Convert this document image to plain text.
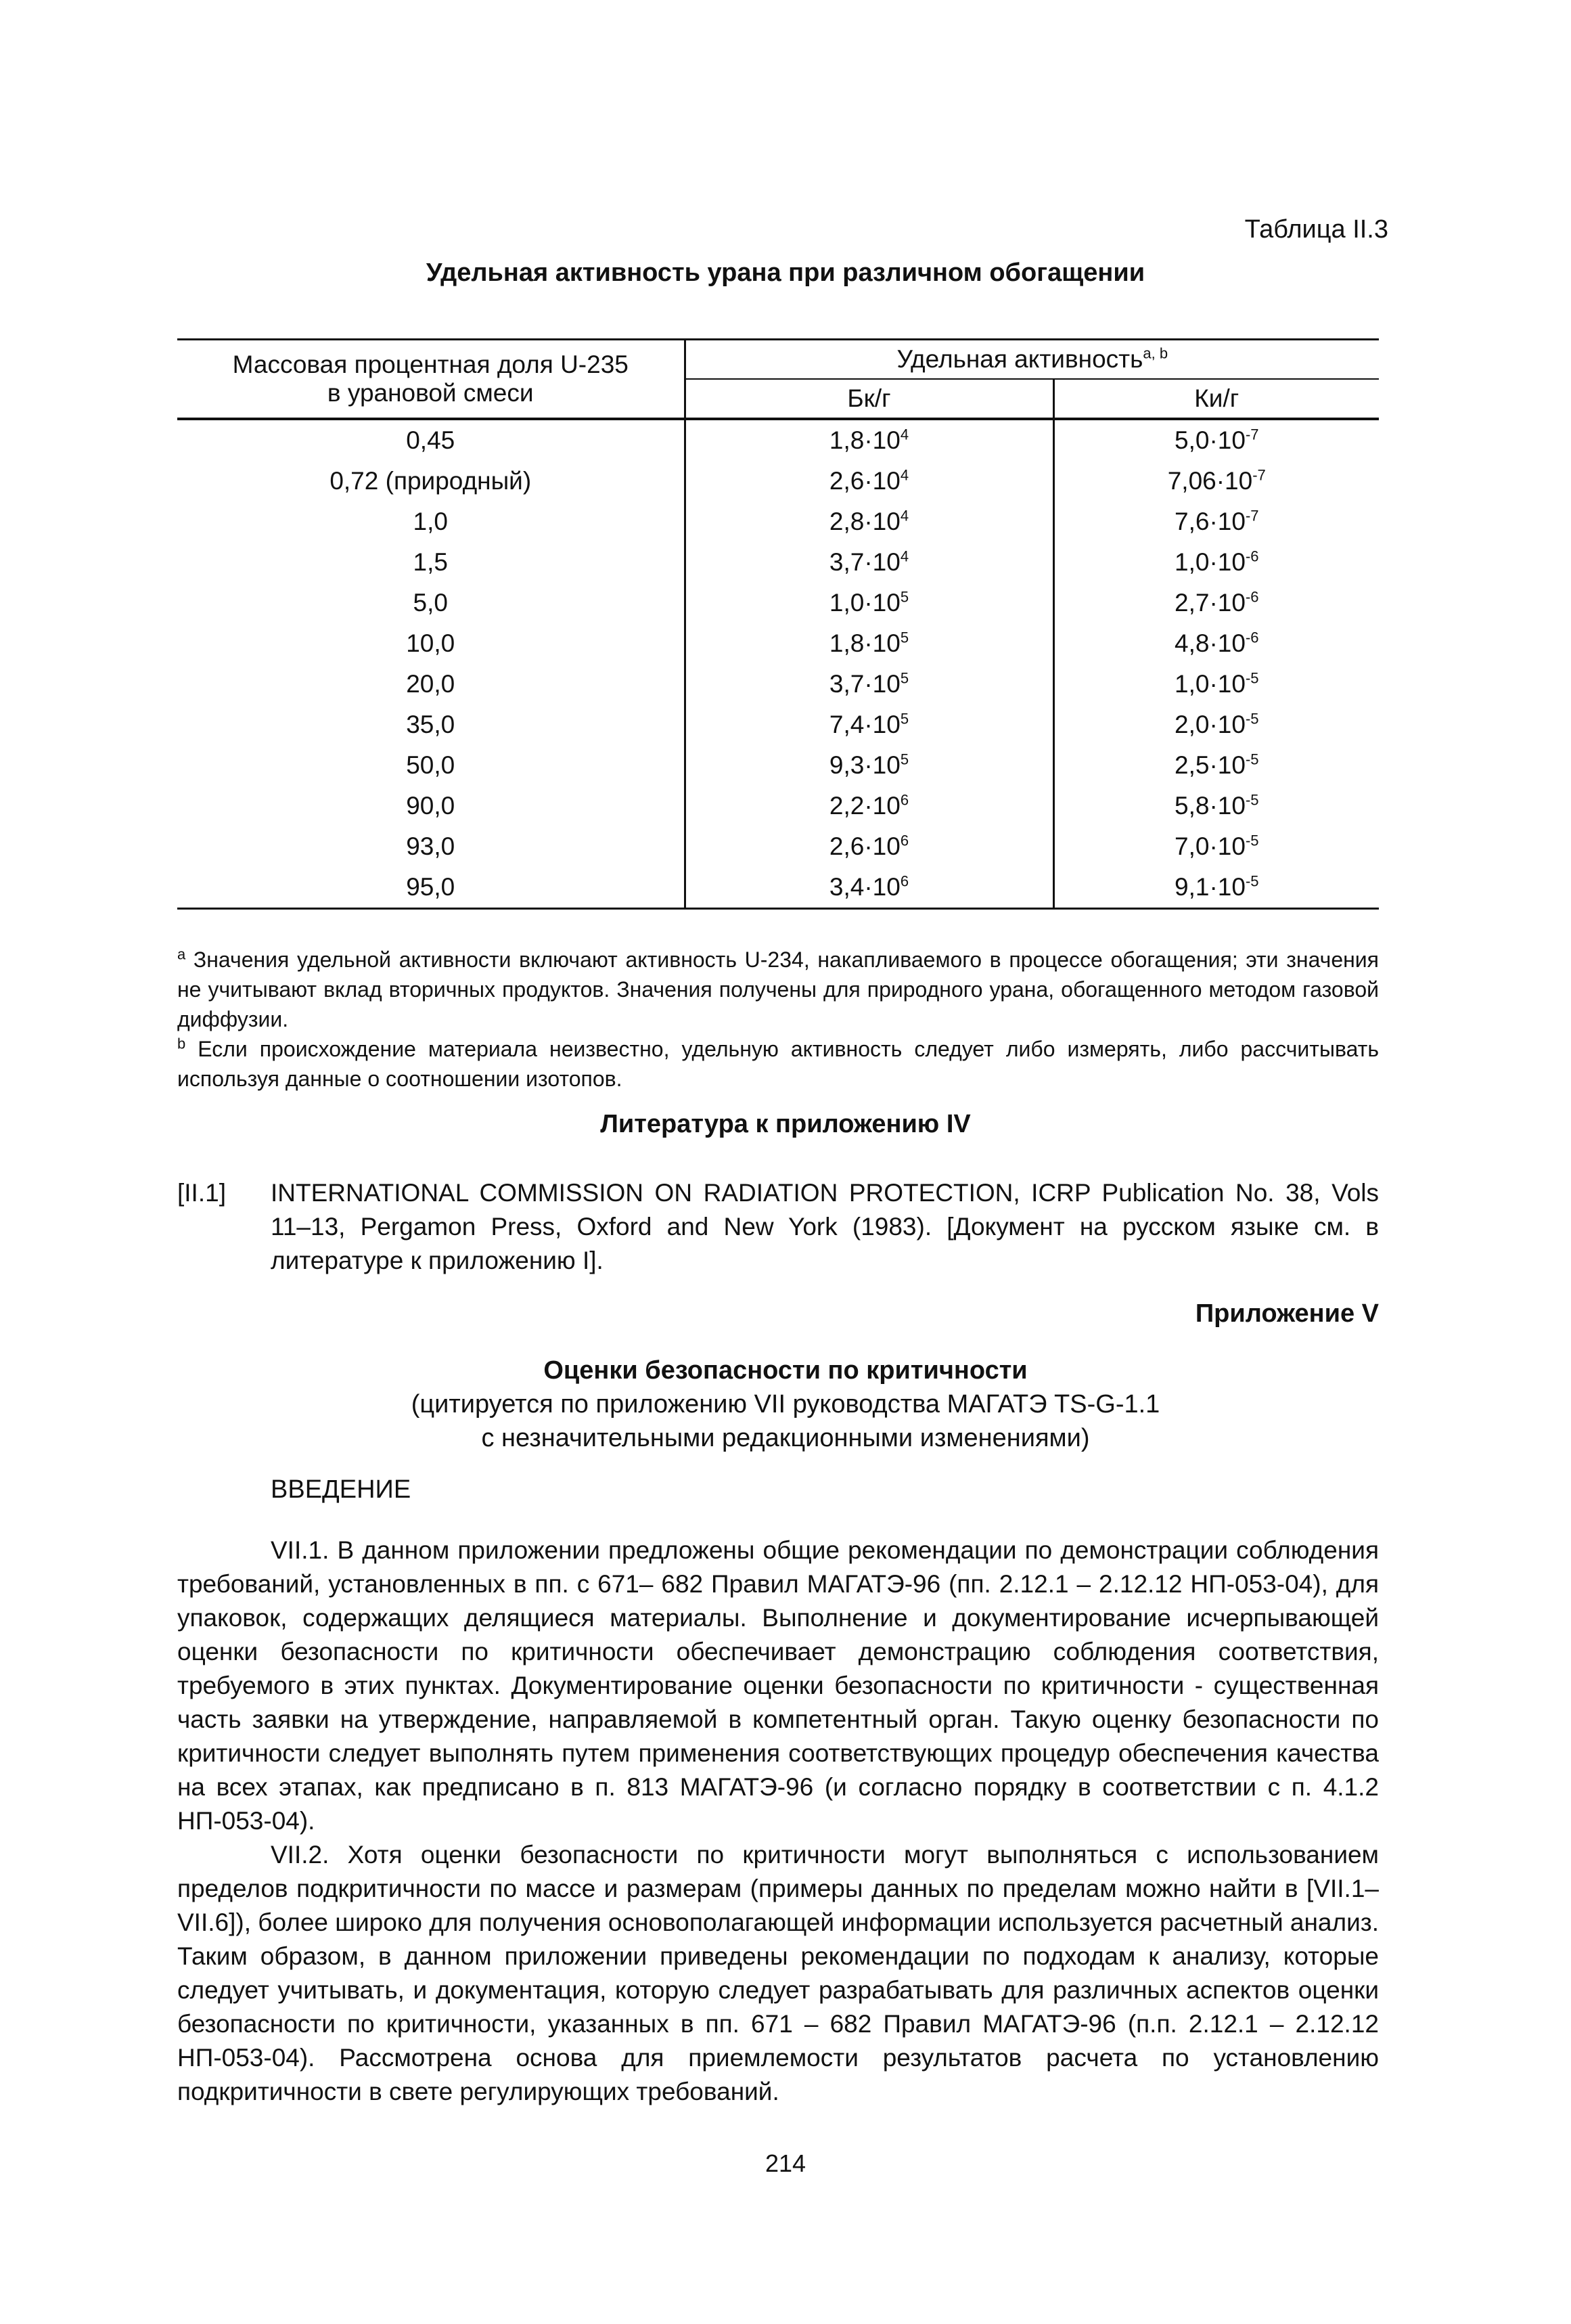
Таблица II.3
Удельная активность урана при различном обогащении
Массовая процентная доля U-235
в урановой смеси	Удельная активность$^{a, b}$
	Бк/г	Ки/г
0,45	$1,8\cdot 10^4$	$5,0\cdot 10^{-7}$
0,72 (природный)	$2,6\cdot 10^4$	$7,06\cdot 10^{-7}$
1,0	$2,8\cdot 10^4$	$7,6\cdot 10^{-7}$
1,5	$3,7\cdot 10^4$	$1,0\cdot 10^{-6}$
5,0	$1,0\cdot 10^5$	$2,7\cdot 10^{-6}$
10,0	$1,8\cdot 10^5$	$4,8\cdot 10^{-6}$
20,0	$3,7\cdot 10^5$	$1,0\cdot 10^{-5}$
35,0	$7,4\cdot 10^5$	$2,0\cdot 10^{-5}$
50,0	$9,3\cdot 10^5$	$2,5\cdot 10^{-5}$
90,0	$2,2\cdot 10^6$	$5,8\cdot 10^{-5}$
93,0	$2,6\cdot 10^6$	$7,0\cdot 10^{-5}$
95,0	$3,4\cdot 10^6$	$9,1\cdot 10^{-5}$

$^a$ Значения удельной активности включают активность U-234, накапливаемого в процессе обогащения; эти значения не учитывают вклад вторичных продуктов. Значения получены для природного урана, обогащенного методом газовой диффузии.

$^b$ Если происхождение материала неизвестно, удельную активность следует либо измерять, либо рассчитывать используя данные о соотношении изотопов.

Литература к приложению IV
[II.1] INTERNATIONAL COMMISSION ON RADIATION PROTECTION, ICRP Publication No. 38, Vols 11–13, Pergamon Press, Oxford and New York (1983). [Документ на русском языке см. в литературе к приложению I].
Приложение V
Оценки безопасности по критичности
(цитируется по приложению VII руководства МАГАТЭ TS-G-1.1
с незначительными редакционными изменениями)
ВВЕДЕНИЕ

VII.1. В данном приложении предложены общие рекомендации по демонстрации соблюдения требований, установленных в пп. с 671– 682 Правил МАГАТЭ-96 (пп. 2.12.1 – 2.12.12 НП-053-04), для упаковок, содержащих делящиеся материалы. Выполнение и документирование исчерпывающей оценки безопасности по критичности обеспечивает демонстрацию соблюдения соответствия, требуемого в этих пунктах. Документирование оценки безопасности по критичности - существенная часть заявки на утверждение, направляемой в компетентный орган. Такую оценку безопасности по критичности следует выполнять путем применения соответствующих процедур обеспечения качества на всех этапах, как предписано в п. 813 МАГАТЭ-96 (и согласно порядку в соответствии с п. 4.1.2 НП-053-04).

VII.2. Хотя оценки безопасности по критичности могут выполняться с использованием пределов подкритичности по массе и размерам (примеры данных по пределам можно найти в [VII.1–VII.6]), более широко для получения основополагающей информации используется расчетный анализ. Таким образом, в данном приложении приведены рекомендации по подходам к анализу, которые следует учитывать, и документация, которую следует разрабатывать для различных аспектов оценки безопасности по критичности, указанных в пп. 671 – 682 Правил МАГАТЭ-96 (п.п. 2.12.1 – 2.12.12 НП-053-04). Рассмотрена основа для приемлемости результатов расчета по установлению подкритичности в свете регулирующих требований.

214
